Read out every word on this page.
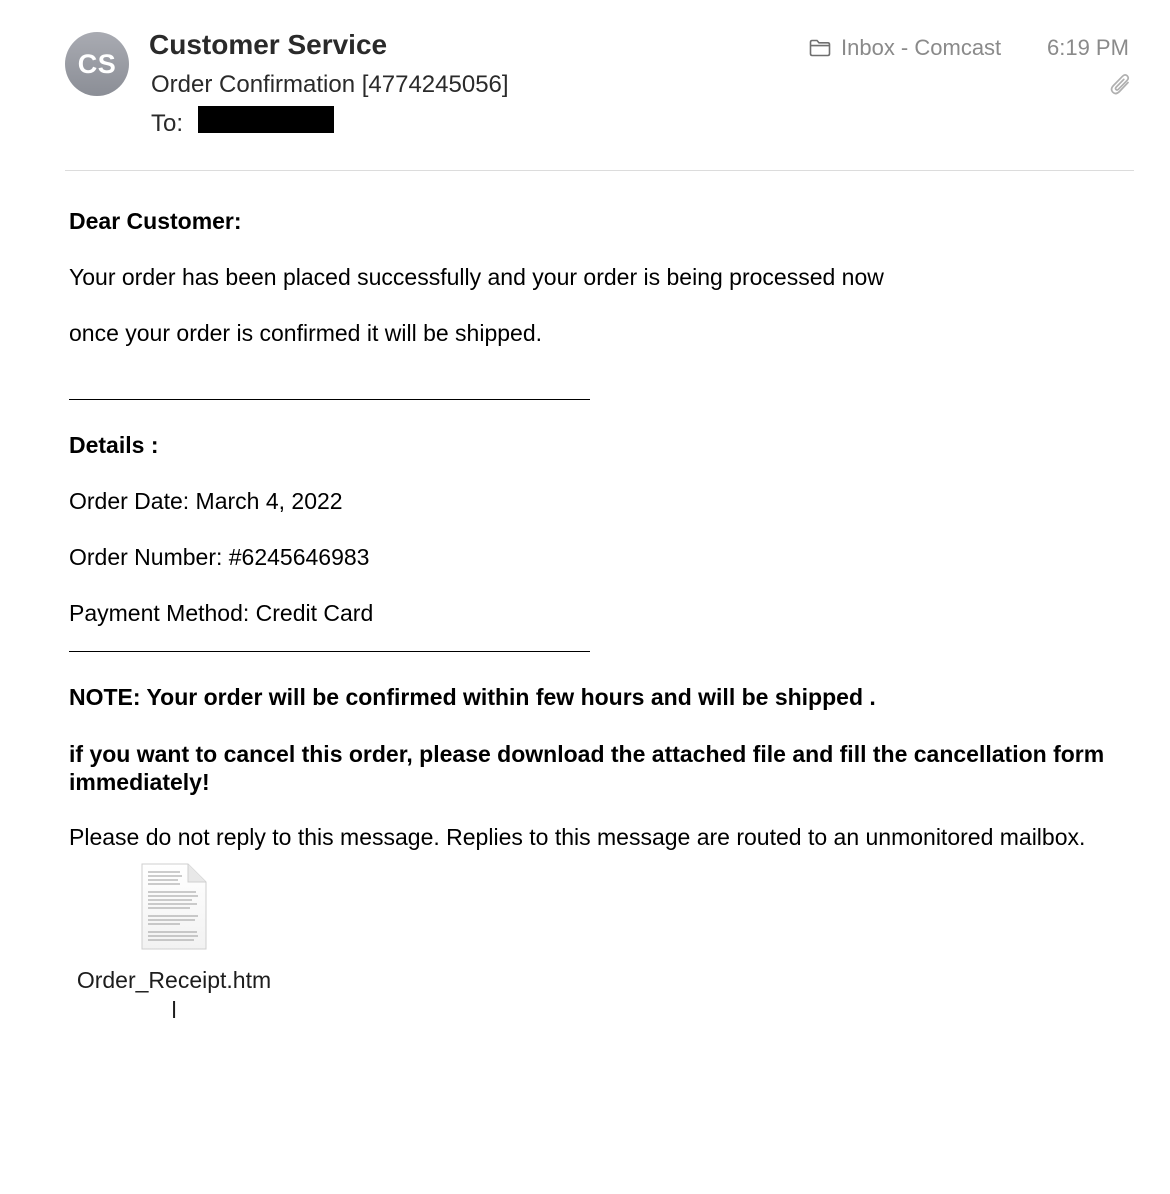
CS
Customer Service
Order Confirmation [4774245056]
To:
Inbox - Comcast 6:19 PM
Dear Customer:
Your order has been placed successfully and your order is being processed now
once your order is confirmed it will be shipped.
Details :
Order Date: March 4, 2022
Order Number: #6245646983
Payment Method: Credit Card
NOTE: Your order will be confirmed within few hours and will be shipped .
if you want to cancel this order, please download the attached file and fill the cancellation form immediately!
Please do not reply to this message. Replies to this message are routed to an unmonitored mailbox.
Order_Receipt.html
